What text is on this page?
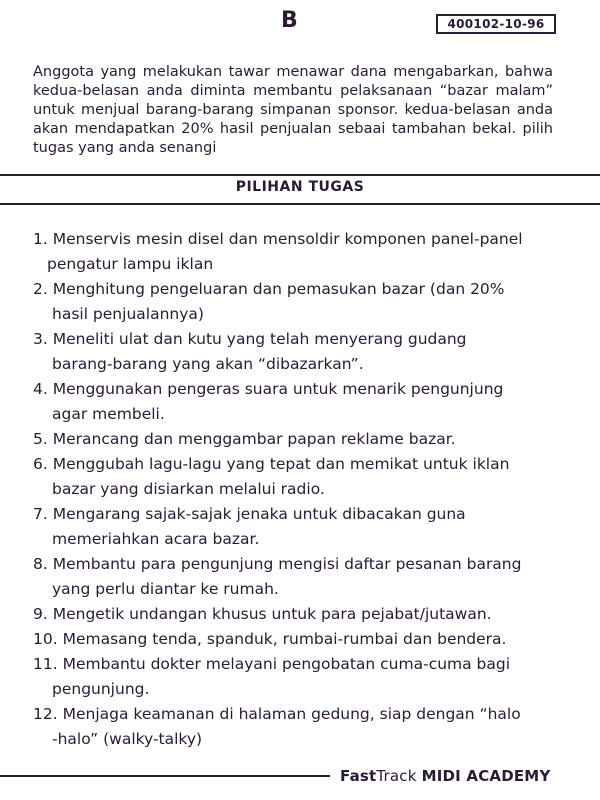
B	400102-10-96

Anggota yang melakukan tawar menawar dana mengabarkan, bahwa kedua-belasan anda diminta membantu pelaksanaan “bazar malam” untuk menjual barang-barang simpanan sponsor. kedua-belasan anda akan mendapatkan 20% hasil penjualan sebaai tambahan bekal. pilih tugas yang anda senangi

PILIHAN TUGAS
1. Menservis mesin disel dan mensoldir komponen panel-panel
pengatur lampu iklan
2. Menghitung pengeluaran dan pemasukan bazar (dan 20%
hasil penjualannya)
3. Meneliti ulat dan kutu yang telah menyerang gudang
barang-barang yang akan “dibazarkan”.
4. Menggunakan pengeras suara untuk menarik pengunjung
agar membeli.
5. Merancang dan menggambar papan reklame bazar.
6. Menggubah lagu-lagu yang tepat dan memikat untuk iklan
bazar yang disiarkan melalui radio.
7. Mengarang sajak-sajak jenaka untuk dibacakan guna
memeriahkan acara bazar.
8. Membantu para pengunjung mengisi daftar pesanan barang
yang perlu diantar ke rumah.
9. Mengetik undangan khusus untuk para pejabat/jutawan.
10. Memasang tenda, spanduk, rumbai-rumbai dan bendera.
11. Membantu dokter melayani pengobatan cuma-cuma bagi
pengunjung.
12. Menjaga keamanan di halaman gedung, siap dengan “halo
-halo” (walky-talky)
FastTrack MIDI ACADEMY
